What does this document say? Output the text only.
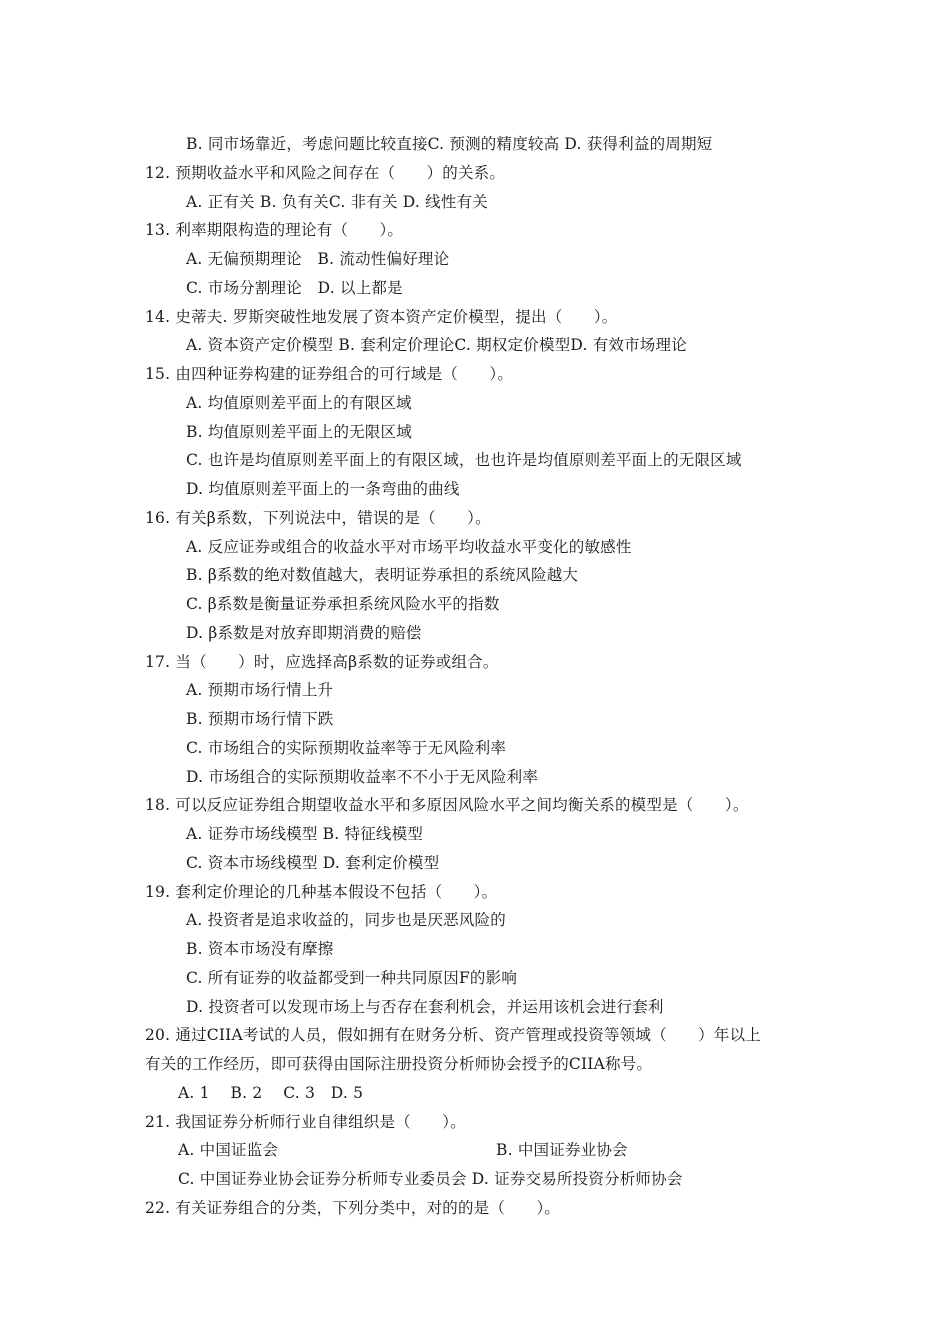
B. 同市场靠近，考虑问题比较直接C. 预测的精度较高 D. 获得利益的周期短
12. 预期收益水平和风险之间存在（　　）的关系。
A. 正有关 B. 负有关C. 非有关 D. 线性有关
13. 利率期限构造的理论有（　　）。
A. 无偏预期理论　B. 流动性偏好理论
C. 市场分割理论　D. 以上都是
14. 史蒂夫. 罗斯突破性地发展了资本资产定价模型，提出（　　）。
A. 资本资产定价模型 B. 套利定价理论C. 期权定价模型D. 有效市场理论
15. 由四种证券构建的证券组合的可行域是（　　）。
A. 均值原则差平面上的有限区域
B. 均值原则差平面上的无限区域
C. 也许是均值原则差平面上的有限区域，也也许是均值原则差平面上的无限区域
D. 均值原则差平面上的一条弯曲的曲线
16. 有关β系数，下列说法中，错误的是（　　）。
A. 反应证券或组合的收益水平对市场平均收益水平变化的敏感性
B. β系数的绝对数值越大，表明证券承担的系统风险越大
C. β系数是衡量证券承担系统风险水平的指数
D. β系数是对放弃即期消费的赔偿
17. 当（　　）时，应选择高β系数的证券或组合。
A. 预期市场行情上升
B. 预期市场行情下跌
C. 市场组合的实际预期收益率等于无风险利率
D. 市场组合的实际预期收益率不不小于无风险利率
18. 可以反应证券组合期望收益水平和多原因风险水平之间均衡关系的模型是（　　）。
A. 证券市场线模型 B. 特征线模型
C. 资本市场线模型 D. 套利定价模型
19. 套利定价理论的几种基本假设不包括（　　）。
A. 投资者是追求收益的，同步也是厌恶风险的
B. 资本市场没有摩擦
C. 所有证券的收益都受到一种共同原因F的影响
D. 投资者可以发现市场上与否存在套利机会，并运用该机会进行套利
20. 通过CIIA考试的人员，假如拥有在财务分析、资产管理或投资等领域（　　）年以上
有关的工作经历，即可获得由国际注册投资分析师协会授予的CIIA称号。
A. 1　 B. 2　 C. 3　D. 5
21. 我国证券分析师行业自律组织是（　　）。
A. 中国证监会	B. 中国证券业协会
C. 中国证券业协会证券分析师专业委员会 D. 证券交易所投资分析师协会
22. 有关证券组合的分类，下列分类中，对的的是（　　）。
